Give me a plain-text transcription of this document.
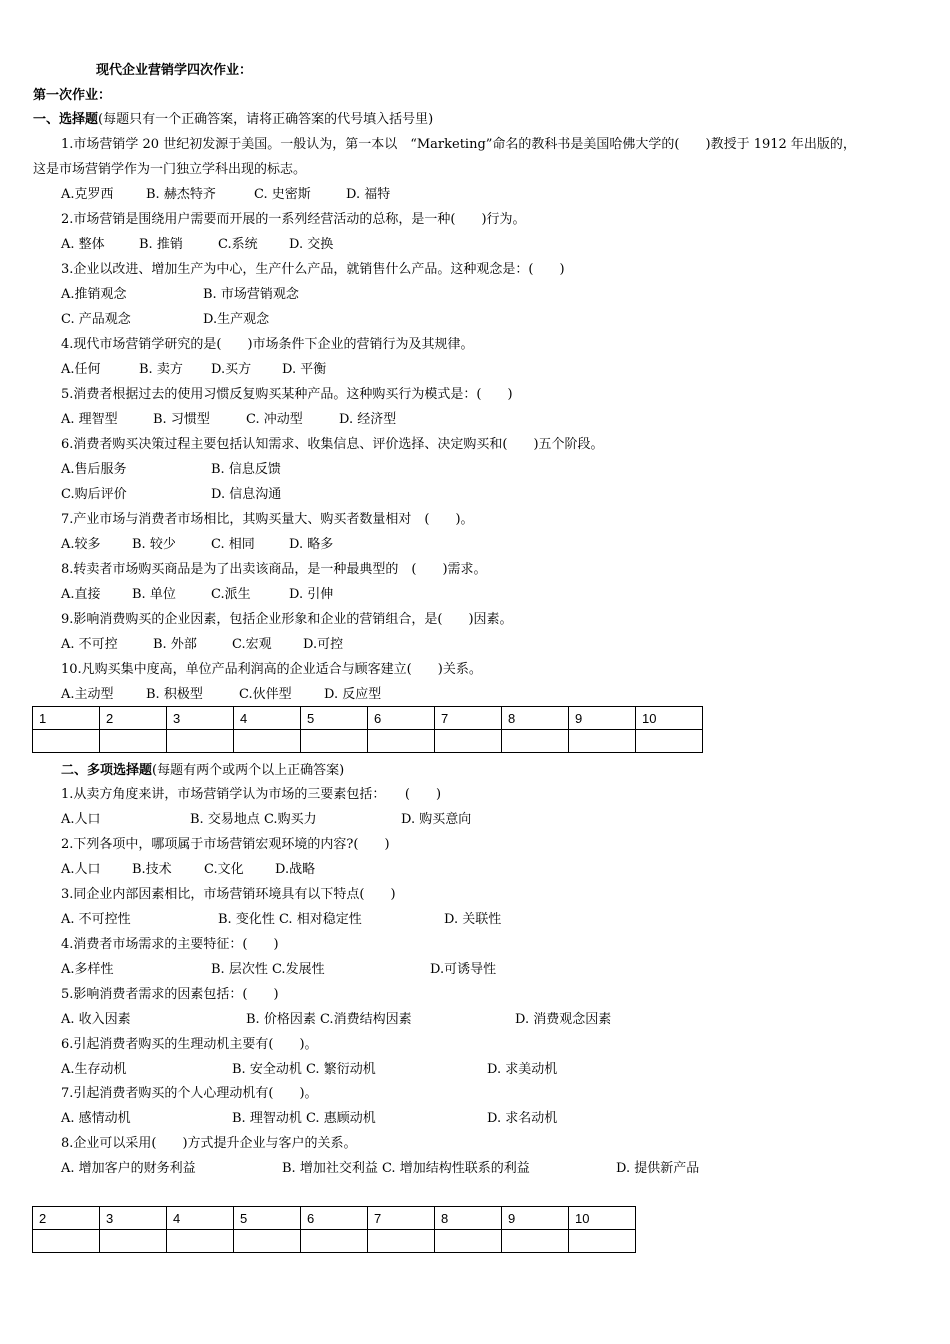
现代企业营销学四次作业：
第一次作业：
一、选择题(每题只有一个正确答案，请将正确答案的代号填入括号里)
1.市场营销学 20 世纪初发源于美国。一般认为，第一本以　“Marketing”命名的教科书是美国哈佛大学的(　　)教授于 1912 年出版的，
这是市场营销学作为一门独立学科出现的标志。
A.克罗西 B. 赫杰特齐	C. 史密斯	D. 福特
2.市场营销是围绕用户需要而开展的一系列经营活动的总称，是一种(　　)行为。
A. 整体	B. 推销	C.系统 D. 交换
3.企业以改进、增加生产为中心，生产什么产品，就销售什么产品。这种观念是：(　　)
A.推销观念	B. 市场营销观念
C. 产品观念	D.生产观念
4.现代市场营销学研究的是(　　)市场条件下企业的营销行为及其规律。
A.任何	B. 卖方 D.买方 D. 平衡
5.消费者根据过去的使用习惯反复购买某种产品。这种购买行为模式是：(　　)
A. 理智型	B. 习惯型	C. 冲动型	D. 经济型
6.消费者购买决策过程主要包括认知需求、收集信息、评价选择、决定购买和(　　)五个阶段。
A.售后服务	B. 信息反馈
C.购后评价	D. 信息沟通
7.产业市场与消费者市场相比，其购买量大、购买者数量相对　(　　)。
A.较多 B. 较少	C. 相同	D. 略多
8.转卖者市场购买商品是为了出卖该商品，是一种最典型的　(　　)需求。
A.直接 B. 单位	C.派生	D. 引伸
9.影响消费购买的企业因素，包括企业形象和企业的营销组合，是(　　)因素。
A. 不可控	B. 外部	C.宏观 D.可控
10.凡购买集中度高，单位产品利润高的企业适合与顾客建立(　　)关系。
A.主动型 B. 积极型	C.伙伴型 D. 反应型
1	2	3	4	5	6	7	8	9	10

二、多项选择题(每题有两个或两个以上正确答案)
1.从卖方角度来讲，市场营销学认为市场的三要素包括：　　(　　)
A.人口	B. 交易地点 C.购买力	D. 购买意向
2.下列各项中，哪项属于市场营销宏观环境的内容?(　　)
A.人口 B.技术 C.文化 D.战略
3.同企业内部因素相比，市场营销环境具有以下特点(　　)
A. 不可控性	B. 变化性 C. 相对稳定性	D. 关联性
4.消费者市场需求的主要特征：(　　)
A.多样性	B. 层次性 C.发展性	D.可诱导性
5.影响消费者需求的因素包括：(　　)
A. 收入因素	B. 价格因素 C.消费结构因素	D. 消费观念因素
6.引起消费者购买的生理动机主要有(　　)。
A.生存动机	B. 安全动机 C. 繁衍动机	D. 求美动机
7.引起消费者购买的个人心理动机有(　　)。
A. 感情动机	B. 理智动机 C. 惠顾动机	D. 求名动机
8.企业可以采用(　　)方式提升企业与客户的关系。
A. 增加客户的财务利益	B. 增加社交利益 C. 增加结构性联系的利益	D. 提供新产品
2	3	4	5	6	7	8	9	10
